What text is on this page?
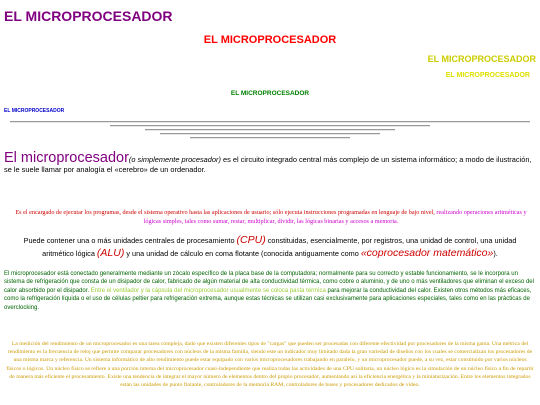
EL MICROPROCESADOR
EL MICROPROCESADOR
EL MICROPROCESADOR
EL MICROPROCESADOR
EL MICROPROCESADOR
EL MICROPROCESADOR
El microprocesador(o simplemente procesador) es el circuito integrado central más complejo de un sistema informático; a modo de ilustración, se le suele llamar por analogía el «cerebro» de un ordenador.
Es el encargado de ejecutar los programas, desde el sistema operativo hasta las aplicaciones de usuario; sólo ejecuta instrucciones programadas en lenguaje de bajo nivel, realizando operaciones aritméticas y lógicas simples, tales como sumar, restar, multiplicar, dividir, las lógicas binarias y accesos a memoria.
Puede contener una o más unidades centrales de procesamiento (CPU) constituidas, esencialmente, por registros, una unidad de control, una unidad aritmético lógica (ALU) y una unidad de cálculo en coma flotante (conocida antiguamente como «coprocesador matemático»).
El microprocesador está conectado generalmente mediante un zócalo específico de la placa base de la computadora; normalmente para su correcto y estable funcionamiento, se le incorpora un sistema de refrigeración que consta de un disipador de calor, fabricado de algún material de alta conductividad térmica, como cobre o aluminio, y de uno o más ventiladores que eliminan el exceso del calor absorbido por el disipador. Entre el ventilador y la cápsula del microprocesador usualmente se coloca pasta térmica para mejorar la conductividad del calor. Existen otros métodos más eficaces, como la refrigeración líquida o el uso de células peltier para refrigeración extrema, aunque estas técnicas se utilizan casi exclusivamente para aplicaciones especiales, tales como en las prácticas de overclocking.
La medición del rendimiento de un microprocesador es una tarea compleja, dado que existen diferentes tipos de "cargas" que pueden ser procesadas con diferente efectividad por procesadores de la misma gama. Una métrica del rendimiento es la frecuencia de reloj que permite comparar procesadores con núcleos de la misma familia, siendo este un indicador muy limitado dada la gran variedad de diseños con los cuales se comercializan los procesadores de una misma marca y referencia. Un sistema informático de alto rendimiento puede estar equipado con varios microprocesadores trabajando en paralelo, y un microprocesador puede, a su vez, estar constituido por varios núcleos físicos o lógicos. Un núcleo físico se refiere a una porción interna del microprocesador cuasi-independiente que realiza todas las actividades de una CPU solitaria, un núcleo lógico es la simulación de un núcleo físico a fin de repartir de manera más eficiente el procesamiento. Existe una tendencia de integrar el mayor número de elementos dentro del propio procesador, aumentando así la eficiencia energética y la miniaturización. Entre los elementos integrados están las unidades de punto flotante, controladores de la memoria RAM, controladores de buses y procesadores dedicados de vídeo.
